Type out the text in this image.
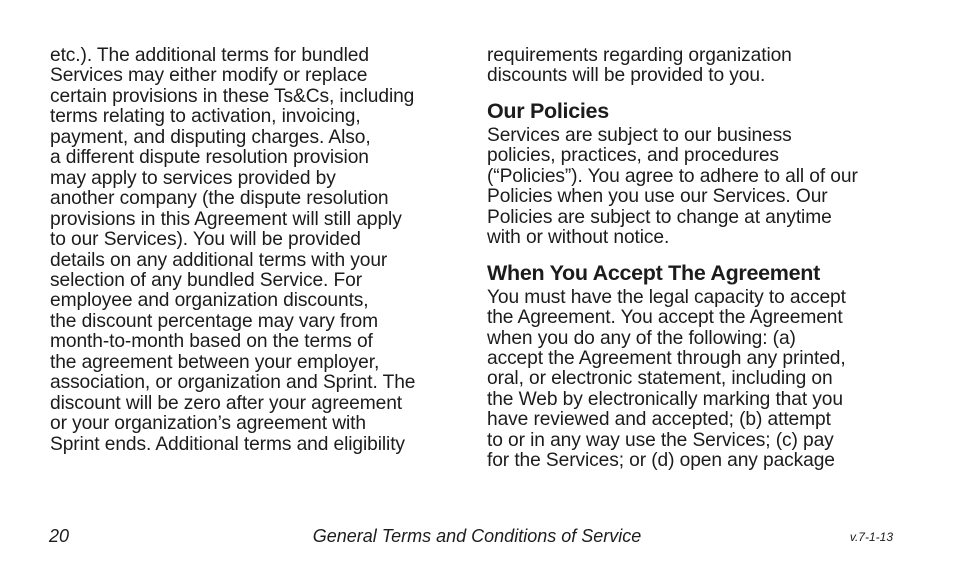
etc.). The additional terms for bundled
Services may either modify or replace
certain provisions in these Ts&Cs, including
terms relating to activation, invoicing,
payment, and disputing charges. Also,
a different dispute resolution provision
may apply to services provided by
another company (the dispute resolution
provisions in this Agreement will still apply
to our Services). You will be provided
details on any additional terms with your
selection of any bundled Service. For
employee and organization discounts,
the discount percentage may vary from
month-to-month based on the terms of
the agreement between your employer,
association, or organization and Sprint. The
discount will be zero after your agreement
or your organization’s agreement with
Sprint ends. Additional terms and eligibility
requirements regarding organization
discounts will be provided to you.
Our Policies
Services are subject to our business
policies, practices, and procedures
(“Policies”). You agree to adhere to all of our
Policies when you use our Services. Our
Policies are subject to change at anytime
with or without notice.
When You Accept The Agreement
You must have the legal capacity to accept
the Agreement. You accept the Agreement
when you do any of the following: (a)
accept the Agreement through any printed,
oral, or electronic statement, including on
the Web by electronically marking that you
have reviewed and accepted; (b) attempt
to or in any way use the Services; (c) pay
for the Services; or (d) open any package
20	General Terms and Conditions of Service	v.7-1-13
